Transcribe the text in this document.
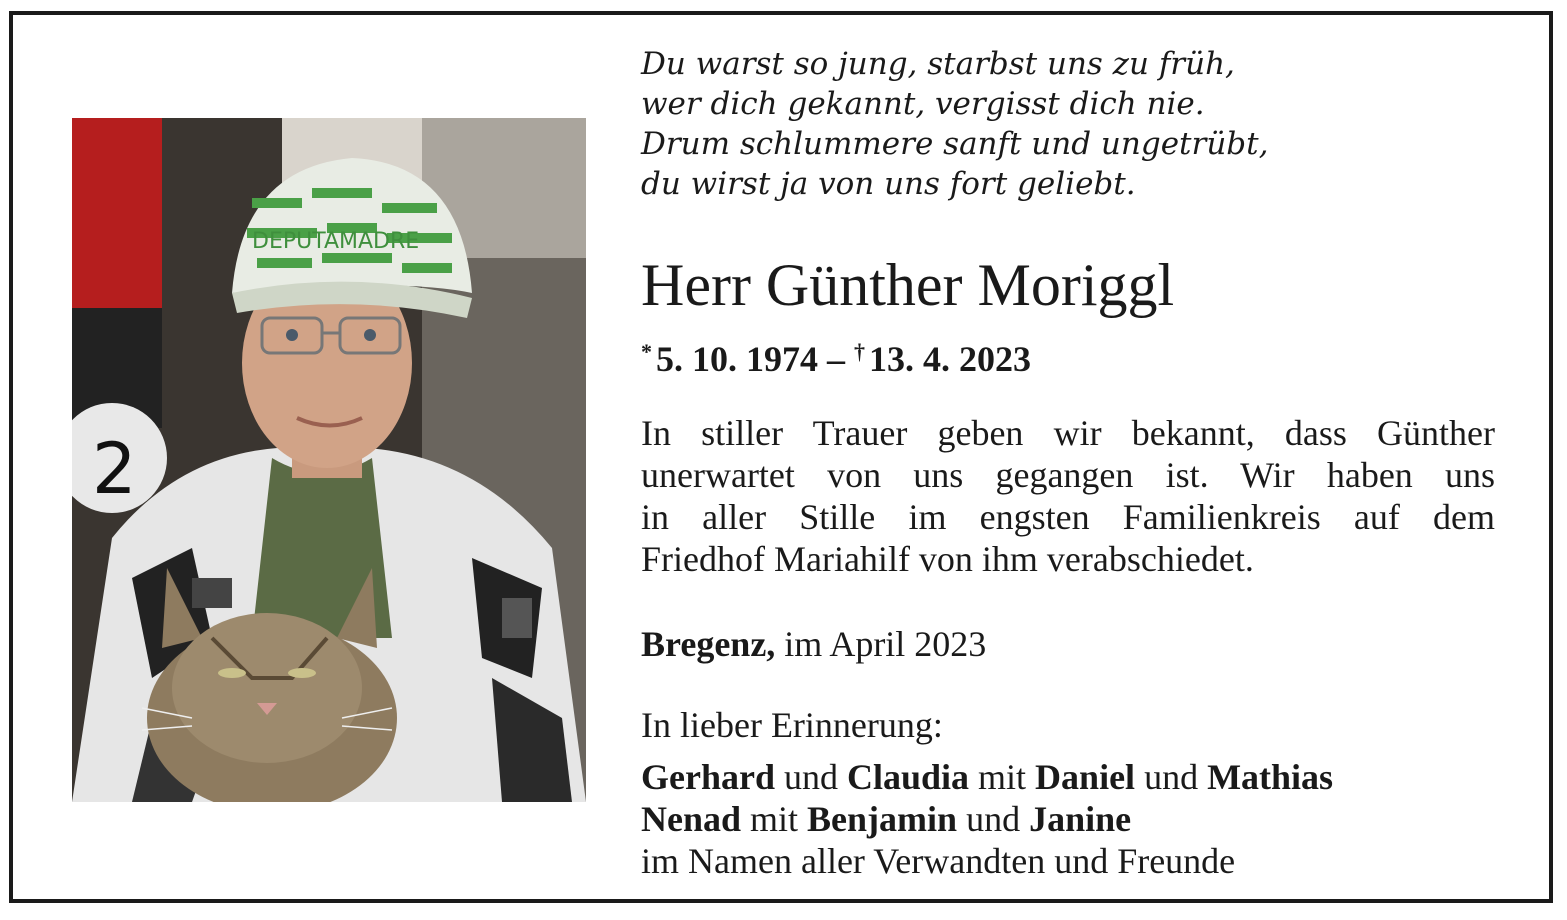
2
DEPUTAMADRE
Du warst so jung, starbst uns zu früh,
wer dich gekannt, vergisst dich nie.
Drum schlummere sanft und ungetrübt,
du wirst ja von uns fort geliebt.
Herr Günther Moriggl
* 5. 10. 1974 – † 13. 4. 2023
In stiller Trauer geben wir bekannt, dass Günther
unerwartet von uns gegangen ist. Wir haben uns
in aller Stille im engsten Familienkreis auf dem
Friedhof Mariahilf von ihm verabschiedet.
Bregenz, im April 2023
In lieber Erinnerung:
Gerhard und Claudia mit Daniel und Mathias
Nenad mit Benjamin und Janine
im Namen aller Verwandten und Freunde
